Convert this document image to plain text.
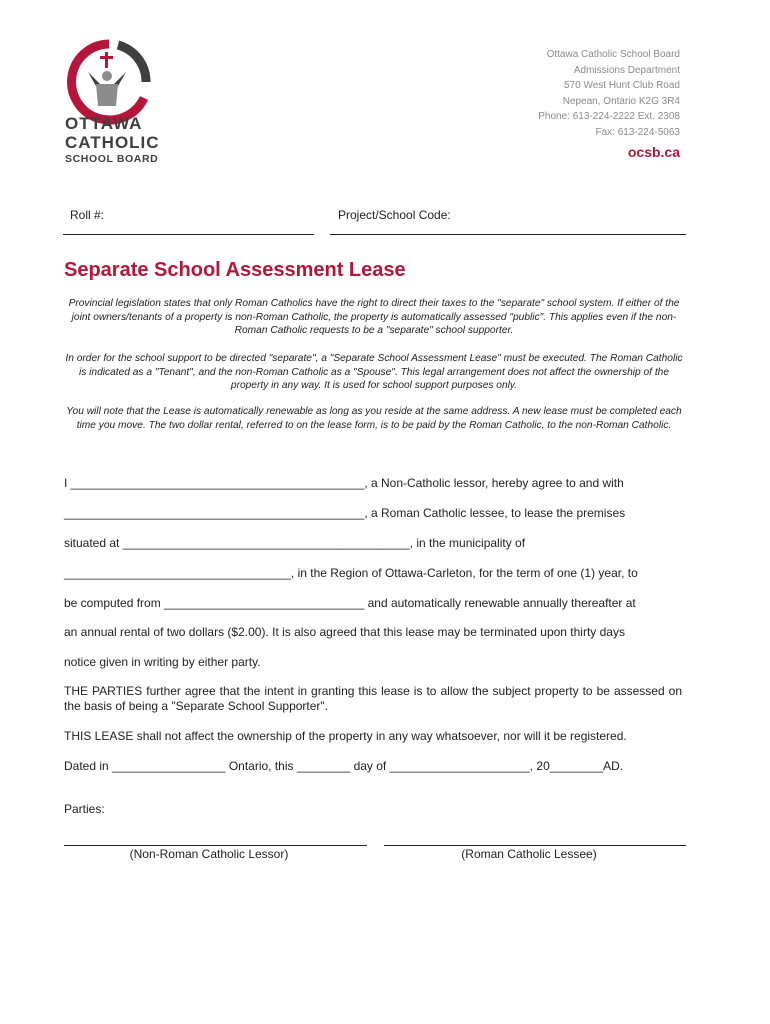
OTTAWA
CATHOLIC
SCHOOL BOARD
Ottawa Catholic School Board
Admissions Department
570 West Hunt Club Road
Nepean, Ontario K2G 3R4
Phone: 613-224-2222 Ext. 2308
Fax: 613-224-5063
ocsb.ca
Roll #:	Project/School Code:
Separate School Assessment Lease
Provincial legislation states that only Roman Catholics have the right to direct their taxes to the "separate" school system. If either of the joint owners/tenants of a property is non-Roman Catholic, the property is automatically assessed "public". This applies even if the non-Roman Catholic requests to be a "separate" school supporter.
In order for the school support to be directed "separate", a "Separate School Assessment Lease" must be executed. The Roman Catholic is indicated as a "Tenant", and the non-Roman Catholic as a "Spouse". This legal arrangement does not affect the ownership of the property in any way. It is used for school support purposes only.
You will note that the Lease is automatically renewable as long as you reside at the same address. A new lease must be completed each time you move. The two dollar rental, referred to on the lease form, is to be paid by the Roman Catholic, to the non-Roman Catholic.
I ____________________________________________, a Non-Catholic lessor, hereby agree to and with
_____________________________________________, a Roman Catholic lessee, to lease the premises
situated at ___________________________________________, in the municipality of
__________________________________, in the Region of Ottawa-Carleton, for the term of one (1) year, to
be computed from ______________________________ and automatically renewable annually thereafter at
an annual rental of two dollars ($2.00). It is also agreed that this lease may be terminated upon thirty days
notice given in writing by either party.
THE PARTIES further agree that the intent in granting this lease is to allow the subject property to be assessed on the basis of being a "Separate School Supporter".
THIS LEASE shall not affect the ownership of the property in any way whatsoever, nor will it be registered.
Dated in _________________ Ontario, this ________ day of _____________________, 20________AD.
Parties:
(Non-Roman Catholic Lessor)	(Roman Catholic Lessee)
